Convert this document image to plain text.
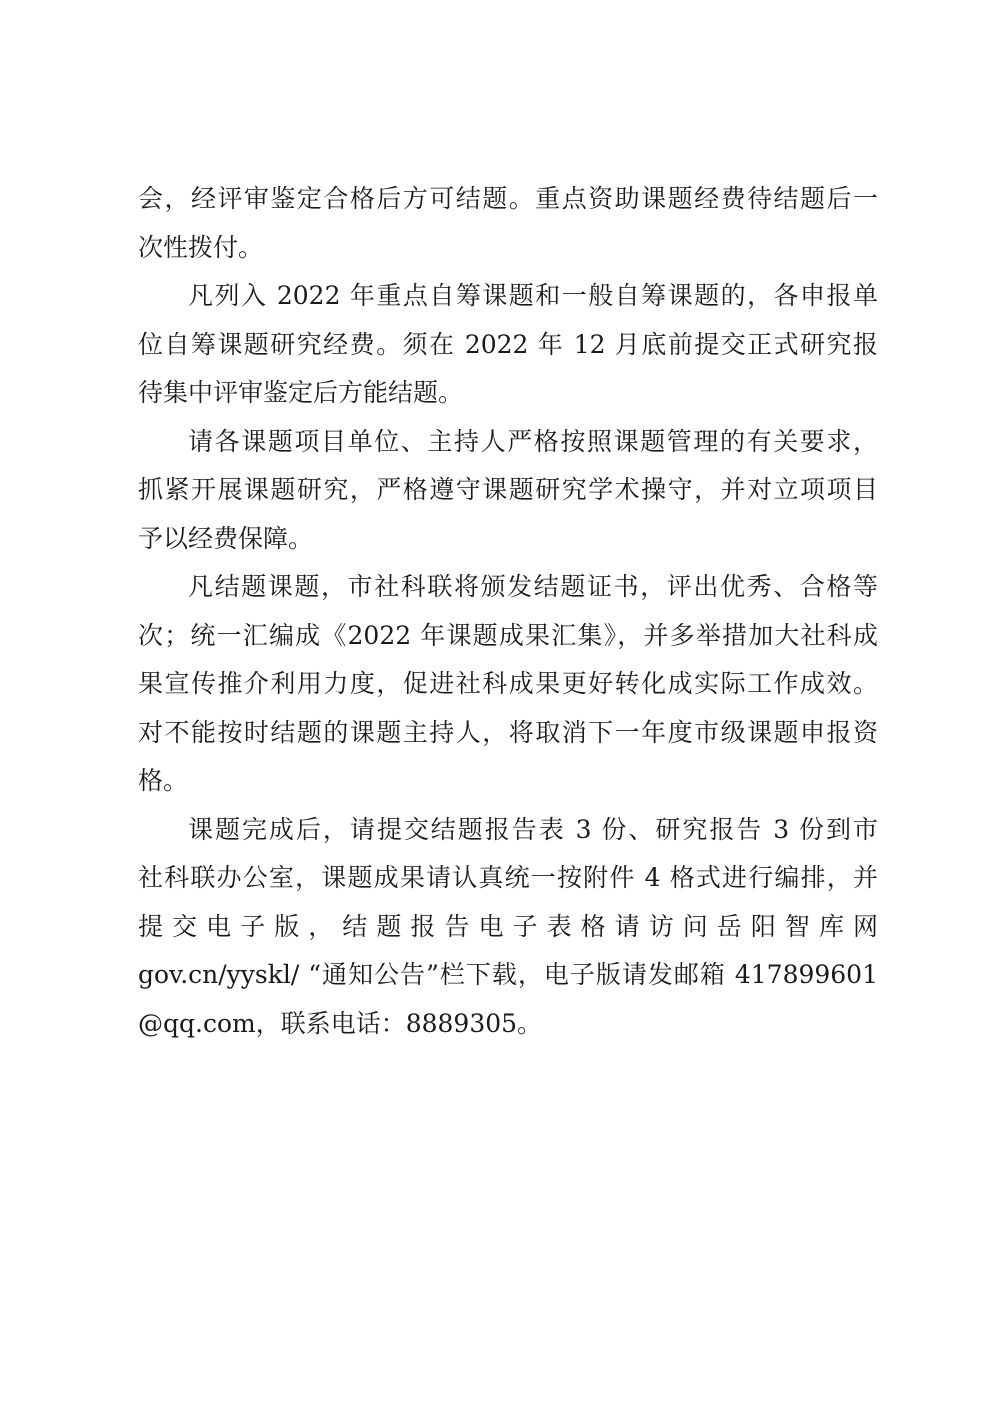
会，经评审鉴定合格后方可结题。重点资助课题经费待结题后一
次性拨付。
凡列入 2022 年重点自筹课题和一般自筹课题的，各申报单
位自筹课题研究经费。须在 2022 年 12 月底前提交正式研究报
待集中评审鉴定后方能结题。
请各课题项目单位、主持人严格按照课题管理的有关要求，
抓紧开展课题研究，严格遵守课题研究学术操守，并对立项项目
予以经费保障。
凡结题课题，市社科联将颁发结题证书，评出优秀、合格等
次；统一汇编成《2022 年课题成果汇集》，并多举措加大社科成
果宣传推介利用力度，促进社科成果更好转化成实际工作成效。
对不能按时结题的课题主持人，将取消下一年度市级课题申报资
格。
课题完成后，请提交结题报告表 3 份、研究报告 3 份到市
社科联办公室，课题成果请认真统一按附件 4 格式进行编排，并
提交电子版，结题报告电子表格请访问岳阳智库网
gov.cn/yyskl/ “通知公告”栏下载，电子版请发邮箱 417899601
@qq.com，联系电话：8889305。
